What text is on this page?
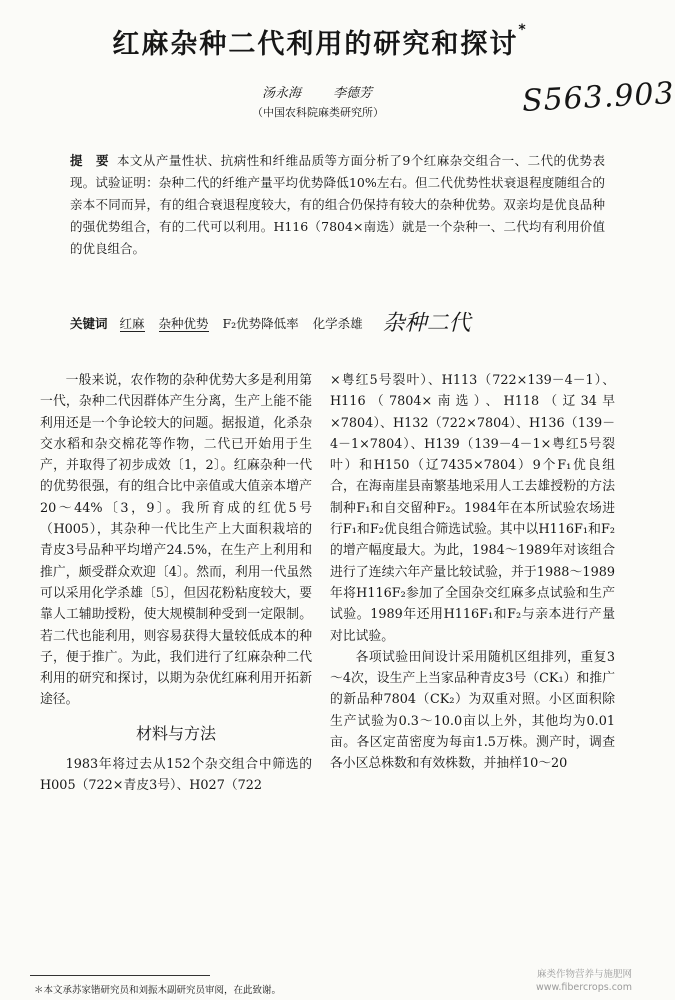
红麻杂种二代利用的研究和探讨*
汤永海 李德芳
（中国农科院麻类研究所）	S563.903
提　要 本文从产量性状、抗病性和纤维品质等方面分析了9个红麻杂交组合一、二代的优势表现。试验证明：杂种二代的纤维产量平均优势降低10%左右。但二代优势性状衰退程度随组合的亲本不同而异，有的组合衰退程度较大，有的组合仍保持有较大的杂种优势。双亲均是优良品种的强优势组合，有的二代可以利用。H116（7804×南选）就是一个杂种一、二代均有利用价值的优良组合。
关键词 红麻 杂种优势 F₂优势降低率 化学杀雄 杂种二代

一般来说，农作物的杂种优势大多是利用第一代，杂种二代因群体产生分离，生产上能不能利用还是一个争论较大的问题。据报道，化杀杂交水稻和杂交棉花等作物，二代已开始用于生产，并取得了初步成效〔1，2〕。红麻杂种一代的优势很强，有的组合比中亲值或大值亲本增产20～44%〔3，9〕。我所育成的红优5号（H005），其杂种一代比生产上大面积栽培的青皮3号品种平均增产24.5%，在生产上利用和推广，颇受群众欢迎〔4〕。然而，利用一代虽然可以采用化学杀雄〔5〕，但因花粉粘度较大，要靠人工辅助授粉，使大规模制种受到一定限制。若二代也能利用，则容易获得大量较低成本的种子，便于推广。为此，我们进行了红麻杂种二代利用的研究和探讨，以期为杂优红麻利用开拓新途径。

材料与方法

1983年将过去从152个杂交组合中筛选的H005（722×青皮3号）、H027（722

×粤红5号裂叶）、H113（722×139－4－1）、H116（7804×南选）、H118（辽34早×7804）、H132（722×7804）、H136（139－4－1×7804）、H139（139－4－1×粤红5号裂叶）和H150（辽7435×7804）9个F₁优良组合，在海南崖县南繁基地采用人工去雄授粉的方法制种F₁和自交留种F₂。1984年在本所试验农场进行F₁和F₂优良组合筛选试验。其中以H116F₁和F₂的增产幅度最大。为此，1984～1989年对该组合进行了连续六年产量比较试验，并于1988～1989年将H116F₂参加了全国杂交红麻多点试验和生产试验。1989年还用H116F₁和F₂与亲本进行产量对比试验。

各项试验田间设计采用随机区组排列，重复3～4次，设生产上当家品种青皮3号（CK₁）和推广的新品种7804（CK₂）为双重对照。小区面积除生产试验为0.3～10.0亩以上外，其他均为0.01亩。各区定苗密度为每亩1.5万株。测产时，调查各小区总株数和有效株数，并抽样10～20

＊本文承苏家锴研究员和刘振木副研究员审阅，在此致谢。
麻类作物营养与施肥网
www.fibercrops.com
